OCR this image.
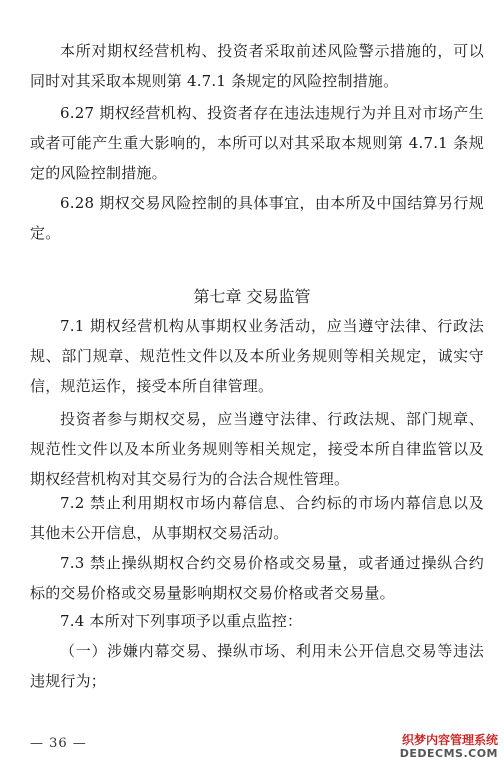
本所对期权经营机构、投资者采取前述风险警示措施的，可以同时对其采取本规则第 4.7.1 条规定的风险控制措施。

6.27 期权经营机构、投资者存在违法违规行为并且对市场产生或者可能产生重大影响的，本所可以对其采取本规则第 4.7.1 条规定的风险控制措施。

6.28 期权交易风险控制的具体事宜，由本所及中国结算另行规定。

第七章 交易监管

7.1 期权经营机构从事期权业务活动，应当遵守法律、行政法规、部门规章、规范性文件以及本所业务规则等相关规定，诚实守信，规范运作，接受本所自律管理。

投资者参与期权交易，应当遵守法律、行政法规、部门规章、规范性文件以及本所业务规则等相关规定，接受本所自律监管以及期权经营机构对其交易行为的合法合规性管理。

7.2 禁止利用期权市场内幕信息、合约标的市场内幕信息以及其他未公开信息，从事期权交易活动。

7.3 禁止操纵期权合约交易价格或交易量，或者通过操纵合约标的交易价格或交易量影响期权交易价格或者交易量。

7.4 本所对下列事项予以重点监控：

（一）涉嫌内幕交易、操纵市场、利用未公开信息交易等违法违规行为；

— 36 —	织梦内容管理系统
DEDECMS.COM
